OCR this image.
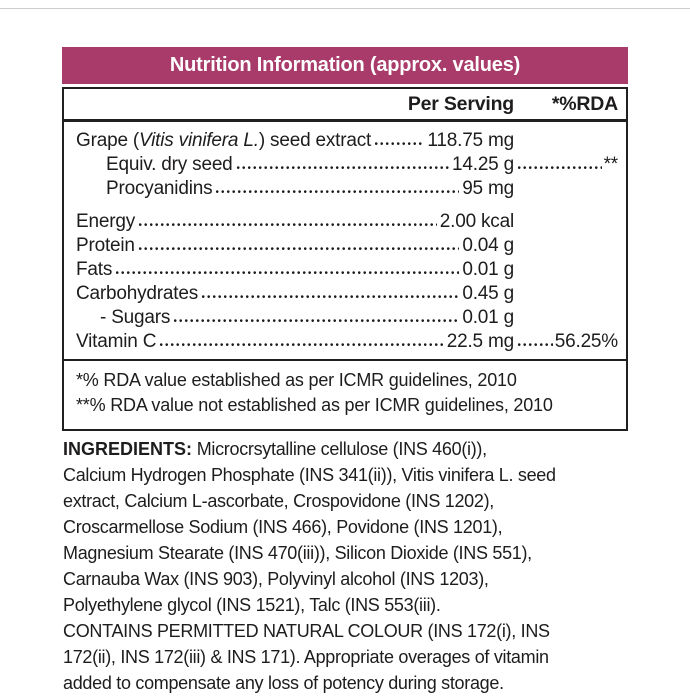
Nutrition Information (approx. values)
Per Serving	*%RDA
Grape (Vitis vinifera L.) seed extract	118.75 mg
Equiv. dry seed	14.25 g	**
Procyanidins	95 mg
Energy	2.00 kcal
Protein	0.04 g
Fats	0.01 g
Carbohydrates	0.45 g
- Sugars	0.01 g
Vitamin C	22.5 mg 56.25%
*% RDA value established as per ICMR guidelines, 2010
**% RDA value not established as per ICMR guidelines, 2010
INGREDIENTS: Microcrsytalline cellulose (INS 460(i)),
Calcium Hydrogen Phosphate (INS 341(ii)), Vitis vinifera L. seed
extract, Calcium L-ascorbate, Crospovidone (INS 1202),
Croscarmellose Sodium (INS 466), Povidone (INS 1201),
Magnesium Stearate (INS 470(iii)), Silicon Dioxide (INS 551),
Carnauba Wax (INS 903), Polyvinyl alcohol (INS 1203),
Polyethylene glycol (INS 1521), Talc (INS 553(iii).
CONTAINS PERMITTED NATURAL COLOUR (INS 172(i), INS
172(ii), INS 172(iii) & INS 171). Appropriate overages of vitamin
added to compensate any loss of potency during storage.
